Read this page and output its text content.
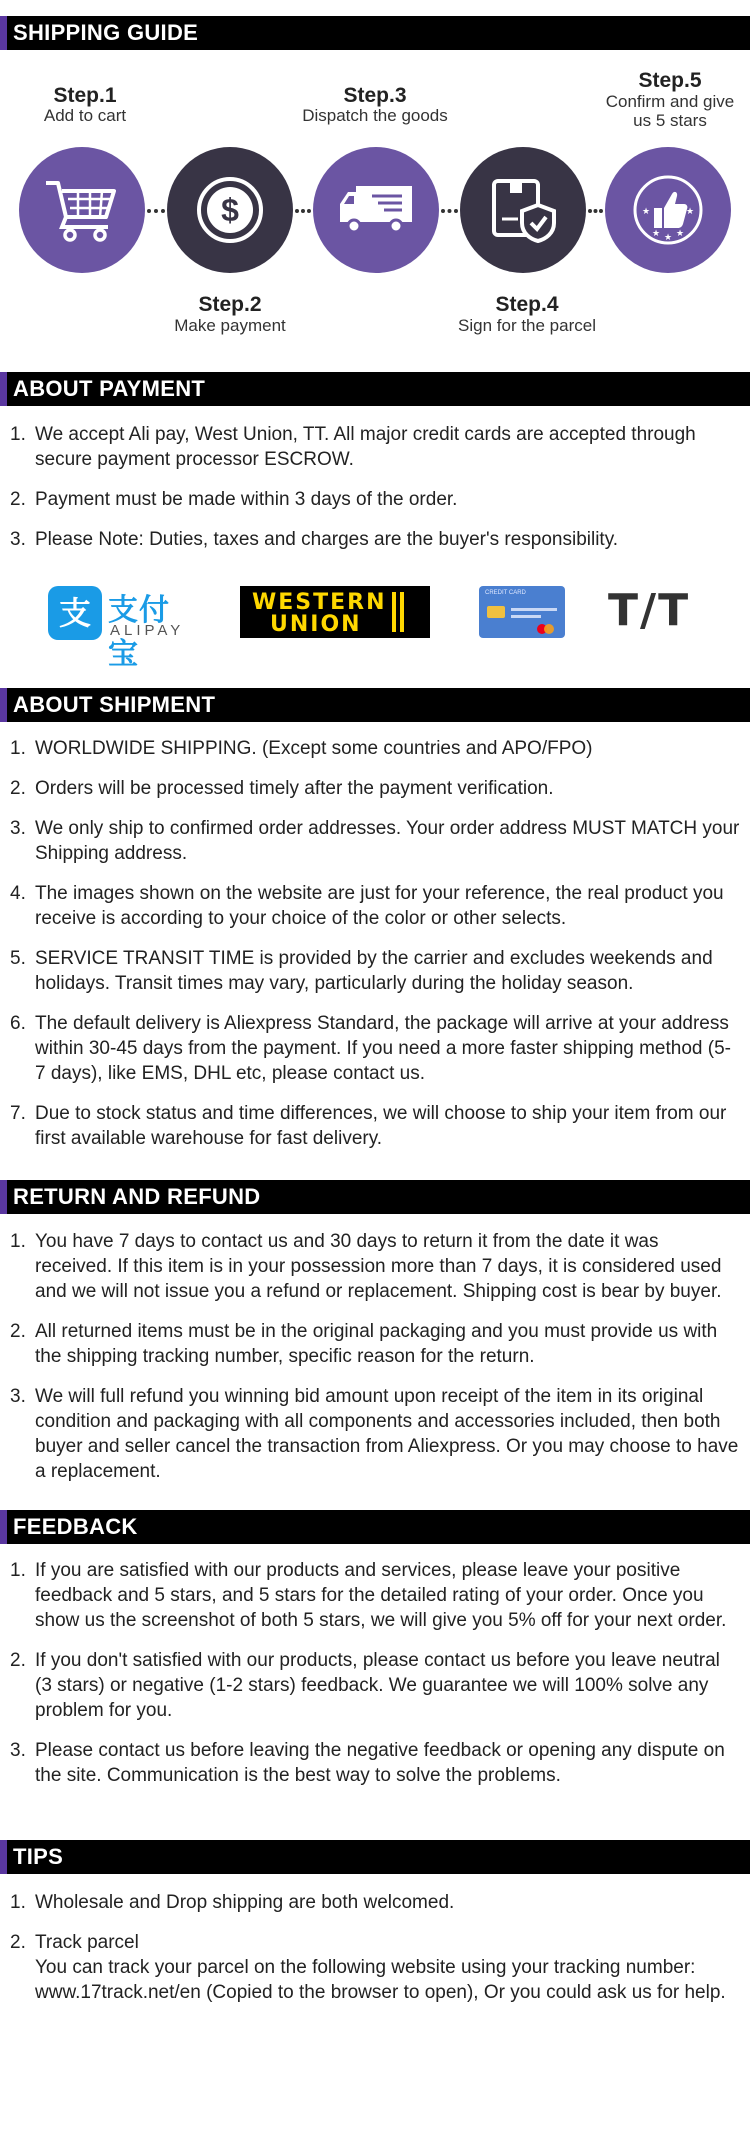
SHIPPING GUIDE
Step.1
Add to cart
Step.3
Dispatch the goods
Step.5
Confirm and give
us 5 stars
$	★	★
★ ★ ★
Step.2
Make payment
Step.4
Sign for the parcel
ABOUT PAYMENT
1. We accept Ali pay, West Union, TT. All major credit cards are accepted through secure payment processor ESCROW.
2. Payment must be made within 3 days of the order.
3. Please Note: Duties, taxes and charges are the buyer's responsibility.
支 支付宝
ALIPAY
WESTERN
UNION
CREDIT CARD T/T
ABOUT SHIPMENT
1. WORLDWIDE SHIPPING. (Except some countries and APO/FPO)
2. Orders will be processed timely after the payment verification.
3. We only ship to confirmed order addresses. Your order address MUST MATCH your Shipping address.
4. The images shown on the website are just for your reference, the real product you receive is according to your choice of the color or other selects.
5. SERVICE TRANSIT TIME is provided by the carrier and excludes weekends and holidays. Transit times may vary, particularly during the holiday season.
6. The default delivery is Aliexpress Standard, the package will arrive at your address within 30-45 days from the payment. If you need a more faster shipping method (5-7 days), like EMS, DHL etc, please contact us.
7. Due to stock status and time differences, we will choose to ship your item from our first available warehouse for fast delivery.
RETURN AND REFUND
1. You have 7 days to contact us and 30 days to return it from the date it was received. If this item is in your possession more than 7 days, it is considered used and we will not issue you a refund or replacement. Shipping cost is bear by buyer.
2. All returned items must be in the original packaging and you must provide us with the shipping tracking number, specific reason for the return.
3. We will full refund you winning bid amount upon receipt of the item in its original condition and packaging with all components and accessories included, then both buyer and seller cancel the transaction from Aliexpress. Or you may choose to have a replacement.
FEEDBACK
1. If you are satisfied with our products and services, please leave your positive feedback and 5 stars, and 5 stars for the detailed rating of your order. Once you show us the screenshot of both 5 stars, we will give you 5% off for your next order.
2. If you don't satisfied with our products, please contact us before you leave neutral (3 stars) or negative (1-2 stars) feedback. We guarantee we will 100% solve any problem for you.
3. Please contact us before leaving the negative feedback or opening any dispute on the site. Communication is the best way to solve the problems.
TIPS
1. Wholesale and Drop shipping are both welcomed.
2. Track parcel
You can track your parcel on the following website using your tracking number: www.17track.net/en (Copied to the browser to open), Or you could ask us for help.
